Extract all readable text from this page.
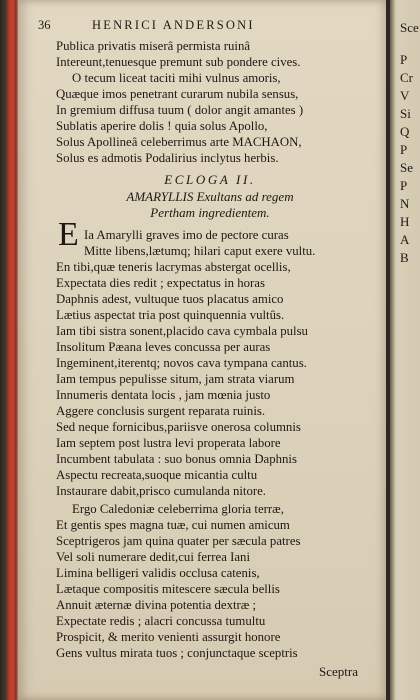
Sce
P
Cr
V
Si
Q
P
Se
P
N
H
A
B
36	HENRICI ANDERSONI
Publica privatis miserâ permista ruinâ
Intereunt,tenuesque premunt sub pondere cives.
O tecum liceat taciti mihi vulnus amoris,
Quæque imos penetrant curarum nubila sensus,
In gremium diffusa tuum ( dolor angit amantes )
Sublatis aperire dolis ! quia solus Apollo,
Solus Apollineâ celeberrimus arte MACHAON,
Solus es admotis Podalirius inclytus herbis.
ECLOGA II.
AMARYLLIS Exultans ad regem
Pertham ingredientem.
E Ia Amarylli graves imo de pectore curas
Mitte libens,lætumq; hilari caput exere vultu.
En tibi,quæ teneris lacrymas abstergat ocellis,
Expectata dies redit ; expectatus in horas
Daphnis adest, vultuque tuos placatus amico
Lætius aspectat tria post quinquennia vultûs.
Iam tibi sistra sonent,placido cava cymbala pulsu
Insolitum Pæana leves concussa per auras
Ingeminent,iterentq; novos cava tympana cantus.
Iam tempus pepulisse situm, jam strata viarum
Innumeris dentata locis , jam mœnia justo
Aggere conclusis surgent reparata ruinis.
Sed neque fornicibus,pariisve onerosa columnis
Iam septem post lustra levi properata labore
Incumbent tabulata : suo bonus omnia Daphnis
Aspectu recreata,suoque micantia cultu
Instaurare dabit,prisco cumulanda nitore.
Ergo Caledoniæ celeberrima gloria terræ,
Et gentis spes magna tuæ, cui numen amicum
Sceptrigeros jam quina quater per sæcula patres
Vel soli numerare dedit,cui ferrea Iani
Limina belligeri validis occlusa catenis,
Lætaque compositis mitescere sæcula bellis
Annuit æternæ divina potentia dextræ ;
Expectate redis ; alacri concussa tumultu
Prospicit, & merito venienti assurgit honore
Gens vultus mirata tuos ; conjunctaque sceptris
Sceptra
